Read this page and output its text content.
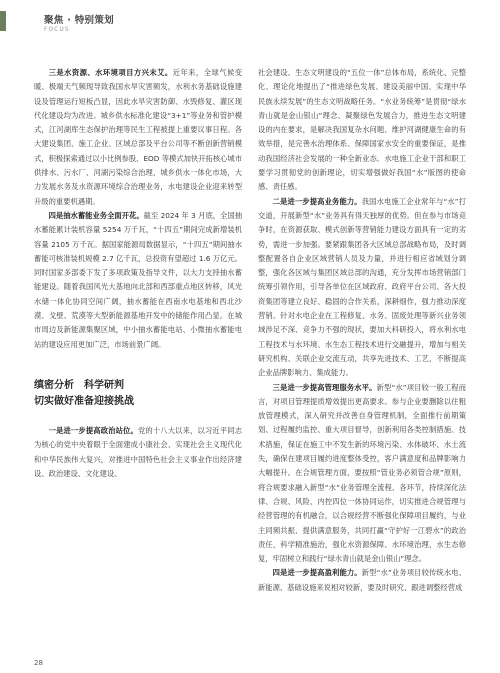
聚焦 · 特别策划
FOCUS

三是水资源、水环境项目方兴未艾。近年来，全球气候变暖、极端天气频现导致我国水旱灾害频发，水利水务基础设施建设及管理运行短板凸显，因此水旱灾害防御、水毁修复、灌区现代化建设均为改进。城乡供水标准化建设“3+1”等业务和管护模式，江河湖库生态保护治理等民生工程被提上重要议事日程。各大建设集团、施工企业、区域总部及平台公司等不断创新营销模式，积极探索通过以小比例参股、EOD 等模式加快开拓核心城市供排水、污水厂、河湖污染综合治理、城乡供水一体化市场，大力发展水务及水资源环境综合治理业务，水电建设企业迎来转型升级的重要机遇期。

四是抽水蓄能业务全面开花。截至 2024 年 3 月底，全国抽水蓄能累计装机容量 5254 万千瓦，“十四五”期间完成新增装机容量 2105 万千瓦。据国家能源局数据显示，“十四五”期间抽水蓄能可核准装机规模 2.7 亿千瓦，总投资有望超过 1.6 万亿元。同时国家多部委下发了多项政策及指导文件，以大力支持抽水蓄能建设。随着我国风光大基地向北部和西部重点地区转移，风光水储一体化协同空间广阔，抽水蓄能在西南水电基地和西北沙漠、戈壁、荒漠等大型新能源基地开发中的储能作用凸显。在城市周边及新能源集聚区域，中小抽水蓄能电站、小微抽水蓄能电站的建设应用更加广泛，市场前景广阔。

缜密分析　科学研判
切实做好准备迎接挑战

一是进一步提高政治站位。党的十八大以来，以习近平同志为核心的党中央着眼于全面建成小康社会、实现社会主义现代化和中华民族伟大复兴，对推进中国特色社会主义事业作出经济建设、政治建设、文化建设、

社会建设、生态文明建设的“五位一体”总体布局，系统化、完整化、理论化地提出了“推进绿色发展、建设美丽中国、实现中华民族永续发展”的生态文明战略任务。“水业务统筹”是贯彻“绿水青山就是金山银山”理念、凝聚绿色发展合力，推进生态文明建设的内在要求，是解决我国复杂水问题、维护河湖健康生命的有效举措，是完善水治理体系、保障国家水安全的重要保证，是推动我国经济社会发展的一种全新业态。水电施工企业干部和职工要学习贯彻党的创新理论，切实增强做好我国“水”版图的使命感、责任感。

二是进一步提高业务能力。我国水电施工企业常年与“水”打交道，开展新型“水”业务具有得天独厚的优势。但在参与市场竞争时，在资源获取、模式创新等营销能力建设方面具有一定的劣势，需进一步加强。要紧跟集团各大区域总部战略布局，及时调整配置各自企业区域营销人员及力量，并进行相应省域划分调整，强化各区域与集团区域总部的沟通，充分发挥市场营销部门统筹引领作用，引导各单位在区域政府、政府平台公司、各大投资集团等建立良好、稳固的合作关系，深耕细作，强力推动深度营销。针对水电企业在工程修复、水务、固废处理等新兴业务领域涉足不深、竞争力不强的现状，要加大科研投入，将水利水电工程技术与水环境、水生态工程技术进行交融提升，增加与相关研究机构、关联企业交流互动，共享先进技术、工艺，不断提高企业品牌影响力、集成能力。

三是进一步提高管理服务水平。新型“水”项目较一般工程而言，对项目管理提质增效提出更高要求。参与企业要删除以往粗放管理模式，深入研究并改善自身管理机制，全面推行前期策划、过程履约监控、重大项目督导，创新利用各类控制措施、技术措施，保证在施工中不发生新的环境污染、水体破坏、水土流失，确保在建项目履约进度整体受控，客户满意度和品牌影响力大幅提升。在合规管理方面，要按照“管业务必须管合规”原则，将合规要求融入新型“水”业务管理全流程、各环节，持续深化法律、合规、风险、内控四位一体协同运作，切实推进合规管理与经营管理的有机融合，以合规经营不断强化保障项目履约，与业主同频共振、提供满意服务，共同打赢“守护好一江碧水”的政治责任，科学精准施治，强化水资源保障、水环境治理、水生态修复，牢固树立和践行“绿水青山就是金山银山”理念。

四是进一步提高盈利能力。新型“水”业务项目较传统水电、新能源、基础设施来说相对较新，要及时研究、跟进调整经营成

28
